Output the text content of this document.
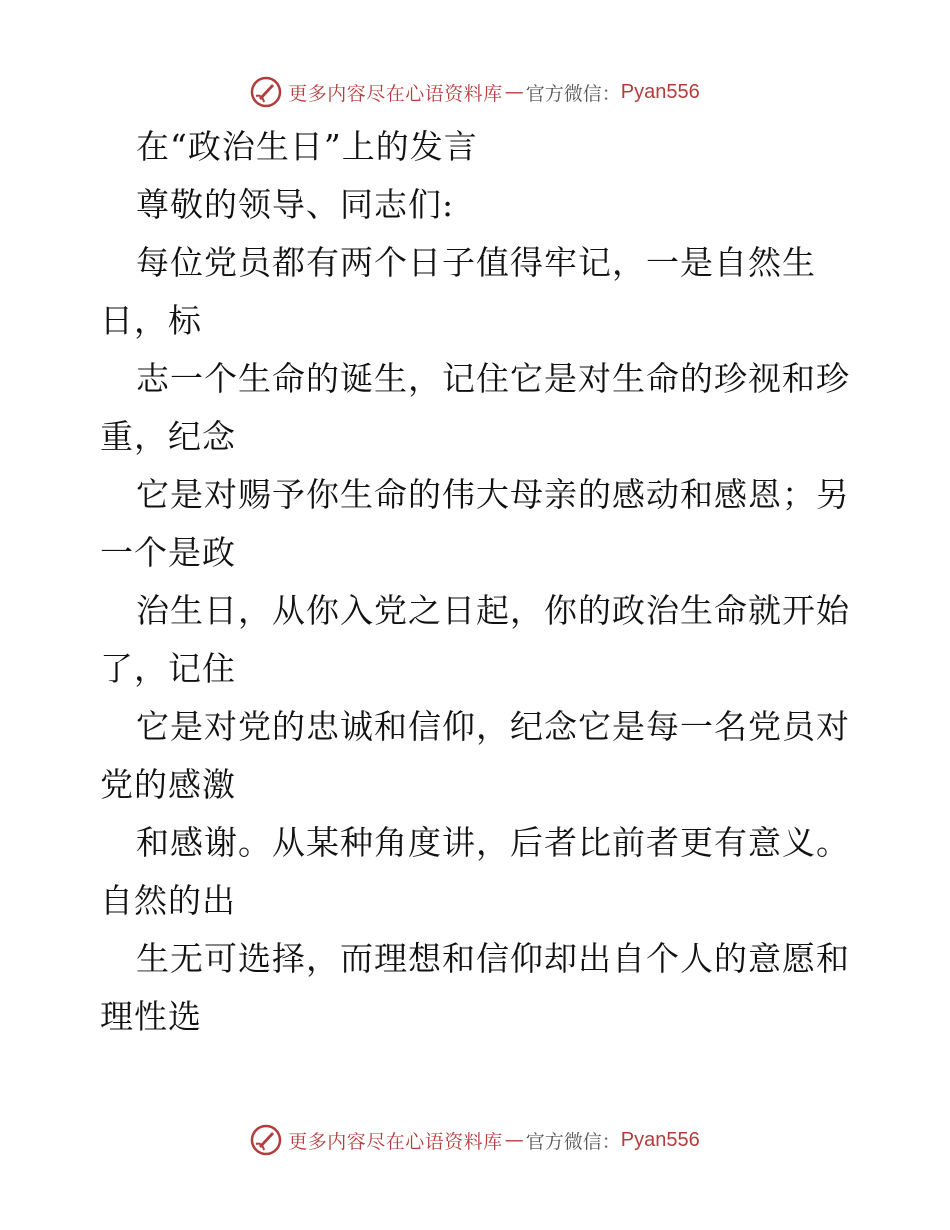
更多内容尽在心语资料库 — 官方微信： Pyan556
在“政治生日”上的发言
尊敬的领导、同志们:
每位党员都有两个日子值得牢记，一是自然生
日，标
志一个生命的诞生，记住它是对生命的珍视和珍
重，纪念
它是对赐予你生命的伟大母亲的感动和感恩；另
一个是政
治生日，从你入党之日起，你的政治生命就开始
了，记住
它是对党的忠诚和信仰，纪念它是每一名党员对
党的感激
和感谢。从某种角度讲，后者比前者更有意义。
自然的出
生无可选择，而理想和信仰却出自个人的意愿和
理性选
更多内容尽在心语资料库 — 官方微信： Pyan556
